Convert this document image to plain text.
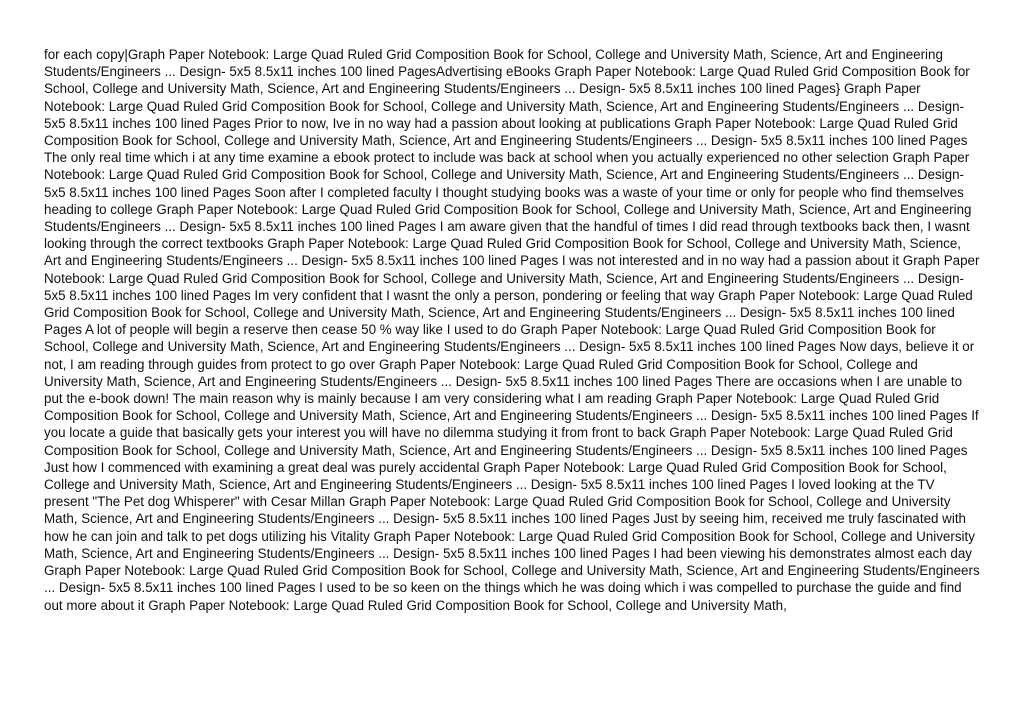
for each copy|Graph Paper Notebook: Large Quad Ruled Grid Composition Book for School, College and University Math, Science, Art and Engineering Students/Engineers ... Design- 5x5 8.5x11 inches 100 lined PagesAdvertising eBooks Graph Paper Notebook: Large Quad Ruled Grid Composition Book for School, College and University Math, Science, Art and Engineering Students/Engineers ... Design- 5x5 8.5x11 inches 100 lined Pages} Graph Paper Notebook: Large Quad Ruled Grid Composition Book for School, College and University Math, Science, Art and Engineering Students/Engineers ... Design- 5x5 8.5x11 inches 100 lined Pages Prior to now, Ive in no way had a passion about looking at publications Graph Paper Notebook: Large Quad Ruled Grid Composition Book for School, College and University Math, Science, Art and Engineering Students/Engineers ... Design- 5x5 8.5x11 inches 100 lined Pages The only real time which i at any time examine a ebook protect to include was back at school when you actually experienced no other selection Graph Paper Notebook: Large Quad Ruled Grid Composition Book for School, College and University Math, Science, Art and Engineering Students/Engineers ... Design- 5x5 8.5x11 inches 100 lined Pages Soon after I completed faculty I thought studying books was a waste of your time or only for people who find themselves heading to college Graph Paper Notebook: Large Quad Ruled Grid Composition Book for School, College and University Math, Science, Art and Engineering Students/Engineers ... Design- 5x5 8.5x11 inches 100 lined Pages I am aware given that the handful of times I did read through textbooks back then, I wasnt looking through the correct textbooks Graph Paper Notebook: Large Quad Ruled Grid Composition Book for School, College and University Math, Science, Art and Engineering Students/Engineers ... Design- 5x5 8.5x11 inches 100 lined Pages I was not interested and in no way had a passion about it Graph Paper Notebook: Large Quad Ruled Grid Composition Book for School, College and University Math, Science, Art and Engineering Students/Engineers ... Design- 5x5 8.5x11 inches 100 lined Pages Im very confident that I wasnt the only a person, pondering or feeling that way Graph Paper Notebook: Large Quad Ruled Grid Composition Book for School, College and University Math, Science, Art and Engineering Students/Engineers ... Design- 5x5 8.5x11 inches 100 lined Pages A lot of people will begin a reserve then cease 50 % way like I used to do Graph Paper Notebook: Large Quad Ruled Grid Composition Book for School, College and University Math, Science, Art and Engineering Students/Engineers ... Design- 5x5 8.5x11 inches 100 lined Pages Now days, believe it or not, I am reading through guides from protect to go over Graph Paper Notebook: Large Quad Ruled Grid Composition Book for School, College and University Math, Science, Art and Engineering Students/Engineers ... Design- 5x5 8.5x11 inches 100 lined Pages There are occasions when I are unable to put the e-book down! The main reason why is mainly because I am very considering what I am reading Graph Paper Notebook: Large Quad Ruled Grid Composition Book for School, College and University Math, Science, Art and Engineering Students/Engineers ... Design- 5x5 8.5x11 inches 100 lined Pages If you locate a guide that basically gets your interest you will have no dilemma studying it from front to back Graph Paper Notebook: Large Quad Ruled Grid Composition Book for School, College and University Math, Science, Art and Engineering Students/Engineers ... Design- 5x5 8.5x11 inches 100 lined Pages Just how I commenced with examining a great deal was purely accidental Graph Paper Notebook: Large Quad Ruled Grid Composition Book for School, College and University Math, Science, Art and Engineering Students/Engineers ... Design- 5x5 8.5x11 inches 100 lined Pages I loved looking at the TV present "The Pet dog Whisperer" with Cesar Millan Graph Paper Notebook: Large Quad Ruled Grid Composition Book for School, College and University Math, Science, Art and Engineering Students/Engineers ... Design- 5x5 8.5x11 inches 100 lined Pages Just by seeing him, received me truly fascinated with how he can join and talk to pet dogs utilizing his Vitality Graph Paper Notebook: Large Quad Ruled Grid Composition Book for School, College and University Math, Science, Art and Engineering Students/Engineers ... Design- 5x5 8.5x11 inches 100 lined Pages I had been viewing his demonstrates almost each day Graph Paper Notebook: Large Quad Ruled Grid Composition Book for School, College and University Math, Science, Art and Engineering Students/Engineers ... Design- 5x5 8.5x11 inches 100 lined Pages I used to be so keen on the things which he was doing which i was compelled to purchase the guide and find out more about it Graph Paper Notebook: Large Quad Ruled Grid Composition Book for School, College and University Math,
